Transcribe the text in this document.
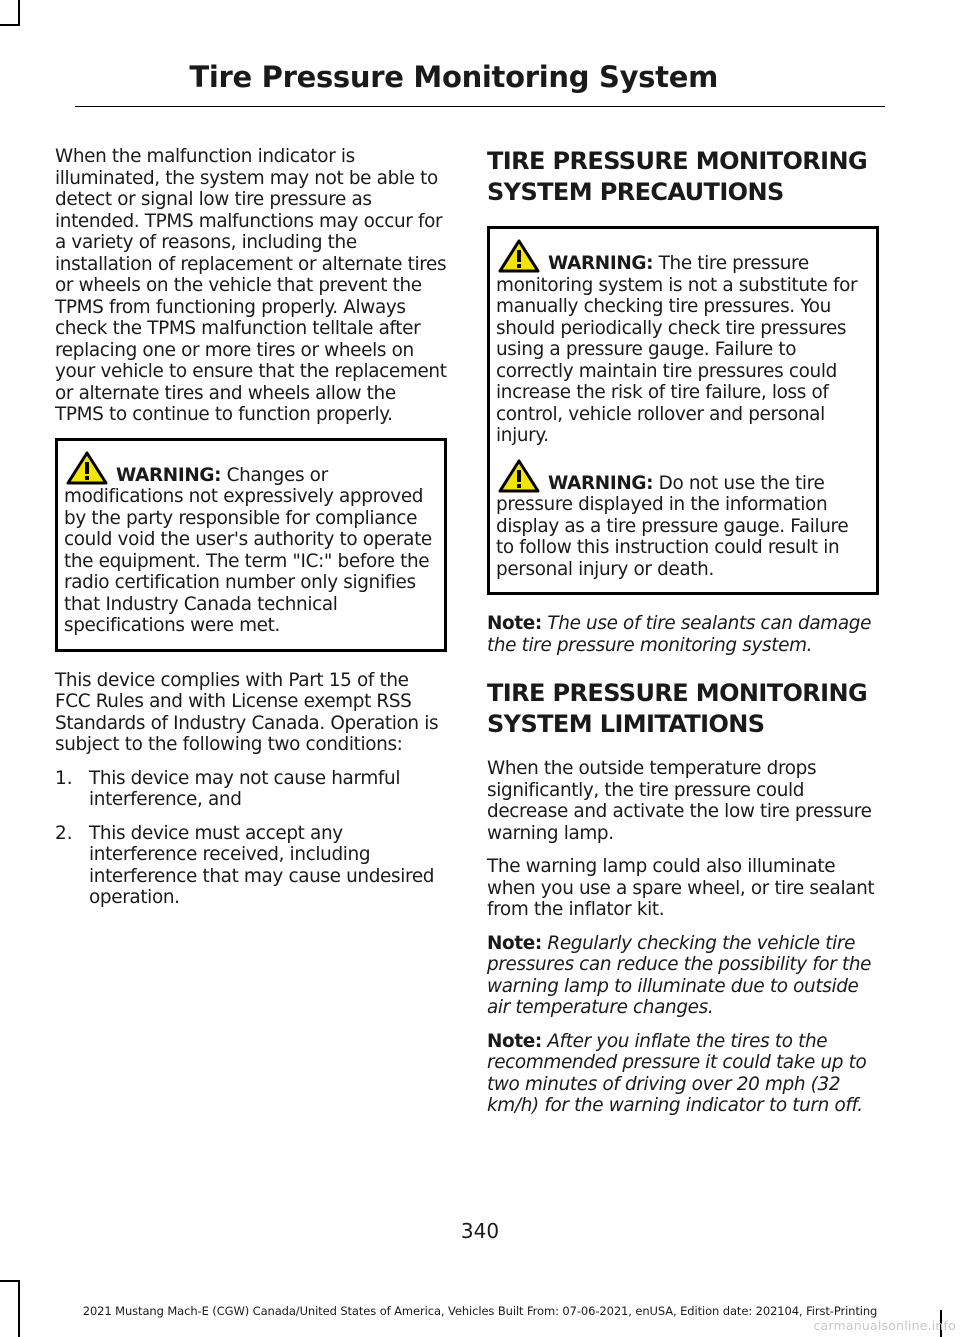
Tire Pressure Monitoring System

When the malfunction indicator is illuminated, the system may not be able to detect or signal low tire pressure as intended. TPMS malfunctions may occur for a variety of reasons, including the installation of replacement or alternate tires or wheels on the vehicle that prevent the TPMS from functioning properly. Always check the TPMS malfunction telltale after replacing one or more tires or wheels on your vehicle to ensure that the replacement or alternate tires and wheels allow the TPMS to continue to function properly.

WARNING: Changes or modifications not expressively approved by the party responsible for compliance could void the user's authority to operate the equipment. The term "IC:" before the radio certification number only signifies that Industry Canada technical specifications were met.

This device complies with Part 15 of the FCC Rules and with License exempt RSS Standards of Industry Canada. Operation is subject to the following two conditions:

1. This device may not cause harmful interference, and
2. This device must accept any interference received, including interference that may cause undesired operation.
TIRE PRESSURE MONITORING
SYSTEM PRECAUTIONS

WARNING: The tire pressure monitoring system is not a substitute for manually checking tire pressures. You should periodically check tire pressures using a pressure gauge. Failure to correctly maintain tire pressures could increase the risk of tire failure, loss of control, vehicle rollover and personal injury.

WARNING: Do not use the tire pressure displayed in the information display as a tire pressure gauge. Failure to follow this instruction could result in personal injury or death.

Note: The use of tire sealants can damage the tire pressure monitoring system.

TIRE PRESSURE MONITORING
SYSTEM LIMITATIONS

When the outside temperature drops significantly, the tire pressure could decrease and activate the low tire pressure warning lamp.

The warning lamp could also illuminate when you use a spare wheel, or tire sealant from the inflator kit.

Note: Regularly checking the vehicle tire pressures can reduce the possibility for the warning lamp to illuminate due to outside air temperature changes.

Note: After you inflate the tires to the recommended pressure it could take up to two minutes of driving over 20 mph (32 km/h) for the warning indicator to turn off.

340
2021 Mustang Mach-E (CGW) Canada/United States of America, Vehicles Built From: 07-06-2021, enUSA, Edition date: 202104, First-Printing
carmanualsonline.info
